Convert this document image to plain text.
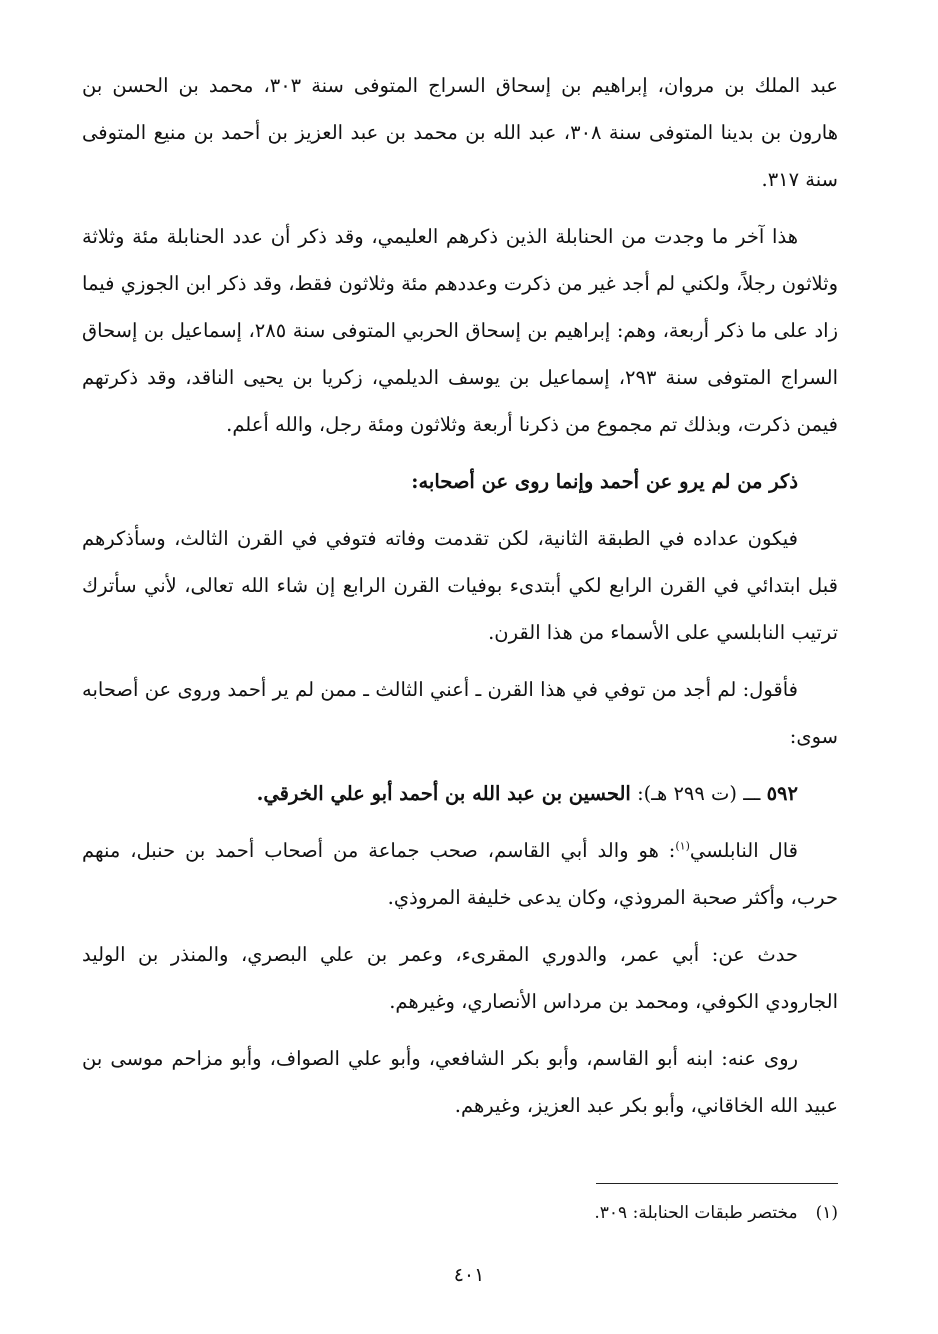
عبد الملك بن مروان، إبراهيم بن إسحاق السراج المتوفى سنة ٣٠٣، محمد بن الحسن بن هارون بن بدينا المتوفى سنة ٣٠٨، عبد الله بن محمد بن عبد العزيز بن أحمد بن منيع المتوفى سنة ٣١٧.

هذا آخر ما وجدت من الحنابلة الذين ذكرهم العليمي، وقد ذكر أن عدد الحنابلة مئة وثلاثة وثلاثون رجلاً، ولكني لم أجد غير من ذكرت وعددهم مئة وثلاثون فقط، وقد ذكر ابن الجوزي فيما زاد على ما ذكر أربعة، وهم: إبراهيم بن إسحاق الحربي المتوفى سنة ٢٨٥، إسماعيل بن إسحاق السراج المتوفى سنة ٢٩٣، إسماعيل بن يوسف الديلمي، زكريا بن يحيى الناقد، وقد ذكرتهم فيمن ذكرت، وبذلك تم مجموع من ذكرنا أربعة وثلاثون ومئة رجل، والله أعلم.

ذكر من لم يرو عن أحمد وإنما روى عن أصحابه:

فيكون عداده في الطبقة الثانية، لكن تقدمت وفاته فتوفي في القرن الثالث، وسأذكرهم قبل ابتدائي في القرن الرابع لكي أبتدىء بوفيات القرن الرابع إن شاء الله تعالى، لأني سأترك ترتيب النابلسي على الأسماء من هذا القرن.

فأقول: لم أجد من توفي في هذا القرن ـ أعني الثالث ـ ممن لم ير أحمد وروى عن أصحابه سوى:

٥٩٢ ـــ (ت ٢٩٩ هـ): الحسين بن عبد الله بن أحمد أبو علي الخرقي.

قال النابلسي$^{(١)}$: هو والد أبي القاسم، صحب جماعة من أصحاب أحمد بن حنبل، منهم حرب، وأكثر صحبة المروذي، وكان يدعى خليفة المروذي.

حدث عن: أبي عمر، والدوري المقرىء، وعمر بن علي البصري، والمنذر بن الوليد الجارودي الكوفي، ومحمد بن مرداس الأنصاري، وغيرهم.

روى عنه: ابنه أبو القاسم، وأبو بكر الشافعي، وأبو علي الصواف، وأبو مزاحم موسى بن عبيد الله الخاقاني، وأبو بكر عبد العزيز، وغيرهم.

(١)مختصر طبقات الحنابلة: ٣٠٩.
٤٠١
